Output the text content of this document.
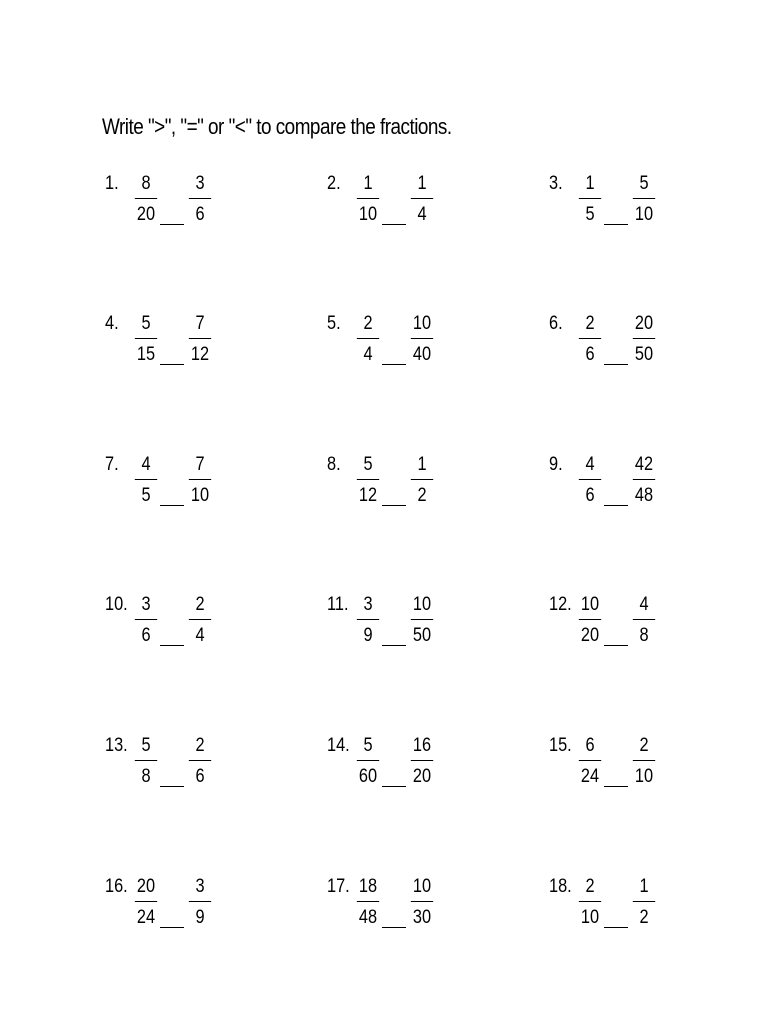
Write ">", "=" or "<" to compare the fractions.
1.	8
20
3
6
2.	1
10
1
4
3.	1
5
5
10
4.	5
15
7
12
5.	2
4
10
40
6.	2
6
20
50
7.	4
5
7
10
8.	5
12
1
2
9.	4
6
42
48
10. 3
6
2
4
11. 3
9
10
50
12. 10
20
4
8
13. 5
8
2
6
14. 5
60
16
20
15. 6
24
2
10
16. 20
24
3
9
17. 18
48
10
30
18. 2
10
1
2
